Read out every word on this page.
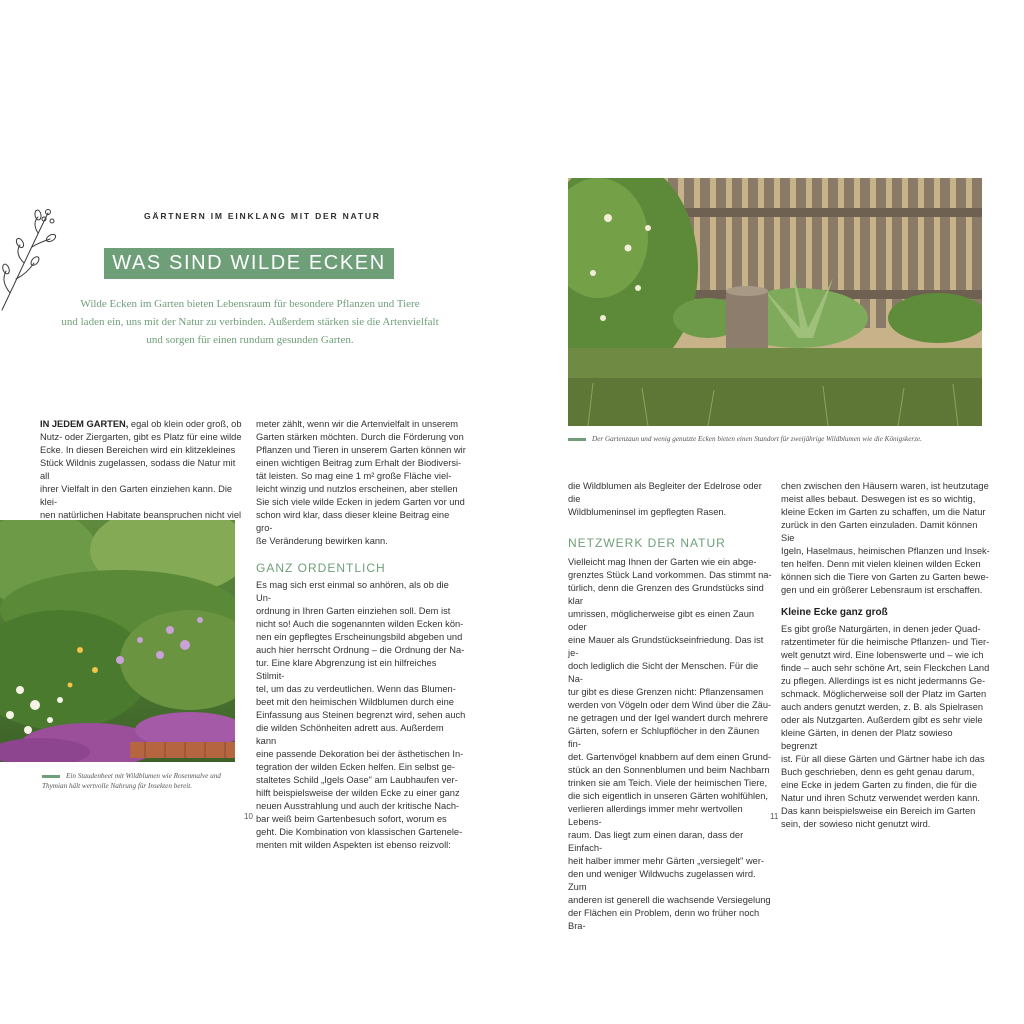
GÄRTNERN IM EINKLANG MIT DER NATUR
WAS SIND WILDE ECKEN
Wilde Ecken im Garten bieten Lebensraum für besondere Pflanzen und Tiere
und laden ein, uns mit der Natur zu verbinden. Außerdem stärken sie die Artenvielfalt
und sorgen für einen rundum gesunden Garten.

IN JEDEM GARTEN, egal ob klein oder groß, ob

Nutz- oder Ziergarten, gibt es Platz für eine wilde

Ecke. In diesen Bereichen wird ein klitzekleines

Stück Wildnis zugelassen, sodass die Natur mit all

ihrer Vielfalt in den Garten einziehen kann. Die klei-

nen natürlichen Habitate beanspruchen nicht viel

meter zählt, wenn wir die Artenvielfalt in unserem

Garten stärken möchten. Durch die Förderung von

Pflanzen und Tieren in unserem Garten können wir

einen wichtigen Beitrag zum Erhalt der Biodiversi-

tät leisten. So mag eine 1 m² große Fläche viel-

leicht winzig und nutzlos erscheinen, aber stellen

Sie sich viele wilde Ecken in jedem Garten vor und

schon wird klar, dass dieser kleine Beitrag eine gro-

ße Veränderung bewirken kann.

GANZ ORDENTLICH

Es mag sich erst einmal so anhören, als ob die Un-

ordnung in Ihren Garten einziehen soll. Dem ist

nicht so! Auch die sogenannten wilden Ecken kön-

nen ein gepflegtes Erscheinungsbild abgeben und

auch hier herrscht Ordnung – die Ordnung der Na-

tur. Eine klare Abgrenzung ist ein hilfreiches Stilmit-

tel, um das zu verdeutlichen. Wenn das Blumen-

beet mit den heimischen Wildblumen durch eine

Einfassung aus Steinen begrenzt wird, sehen auch

die wilden Schönheiten adrett aus. Außerdem kann

eine passende Dekoration bei der ästhetischen In-

tegration der wilden Ecken helfen. Ein selbst ge-

staltetes Schild „Igels Oase" am Laubhaufen ver-

hilft beispielsweise der wilden Ecke zu einer ganz

neuen Ausstrahlung und auch der kritische Nach-

bar weiß beim Gartenbesuch sofort, worum es

geht. Die Kombination von klassischen Gartenele-

menten mit wilden Aspekten ist ebenso reizvoll:

Ein Staudenbeet mit Wildblumen wie Rosenmalve und
Thymian hält wertvolle Nahrung für Insekten bereit.
10
Der Gartenzaun und wenig genutzte Ecken bieten einen Standort für zweijährige Wildblumen wie die Königskerze.

die Wildblumen als Begleiter der Edelrose oder die

Wildblumeninsel im gepflegten Rasen.

NETZWERK DER NATUR

Vielleicht mag Ihnen der Garten wie ein abge-

grenztes Stück Land vorkommen. Das stimmt na-

türlich, denn die Grenzen des Grundstücks sind klar

umrissen, möglicherweise gibt es einen Zaun oder

eine Mauer als Grundstückseinfriedung. Das ist je-

doch lediglich die Sicht der Menschen. Für die Na-

tur gibt es diese Grenzen nicht: Pflanzensamen

werden von Vögeln oder dem Wind über die Zäu-

ne getragen und der Igel wandert durch mehrere

Gärten, sofern er Schlupflöcher in den Zäunen fin-

det. Gartenvögel knabbern auf dem einen Grund-

stück an den Sonnenblumen und beim Nachbarn

trinken sie am Teich. Viele der heimischen Tiere,

die sich eigentlich in unseren Gärten wohlfühlen,

verlieren allerdings immer mehr wertvollen Lebens-

raum. Das liegt zum einen daran, dass der Einfach-

heit halber immer mehr Gärten „versiegelt" wer-

den und weniger Wildwuchs zugelassen wird. Zum

anderen ist generell die wachsende Versiegelung

der Flächen ein Problem, denn wo früher noch Bra-

chen zwischen den Häusern waren, ist heutzutage

meist alles bebaut. Deswegen ist es so wichtig,

kleine Ecken im Garten zu schaffen, um die Natur

zurück in den Garten einzuladen. Damit können Sie

Igeln, Haselmaus, heimischen Pflanzen und Insek-

ten helfen. Denn mit vielen kleinen wilden Ecken

können sich die Tiere von Garten zu Garten bewe-

gen und ein größerer Lebensraum ist erschaffen.

Kleine Ecke ganz groß

Es gibt große Naturgärten, in denen jeder Quad-

ratzentimeter für die heimische Pflanzen- und Tier-

welt genutzt wird. Eine lobenswerte und – wie ich

finde – auch sehr schöne Art, sein Fleckchen Land

zu pflegen. Allerdings ist es nicht jedermanns Ge-

schmack. Möglicherweise soll der Platz im Garten

auch anders genutzt werden, z. B. als Spielrasen

oder als Nutzgarten. Außerdem gibt es sehr viele

kleine Gärten, in denen der Platz sowieso begrenzt

ist. Für all diese Gärten und Gärtner habe ich das

Buch geschrieben, denn es geht genau darum,

eine Ecke in jedem Garten zu finden, die für die

Natur und ihren Schutz verwendet werden kann.

Das kann beispielsweise ein Bereich im Garten

sein, der sowieso nicht genutzt wird.

11
